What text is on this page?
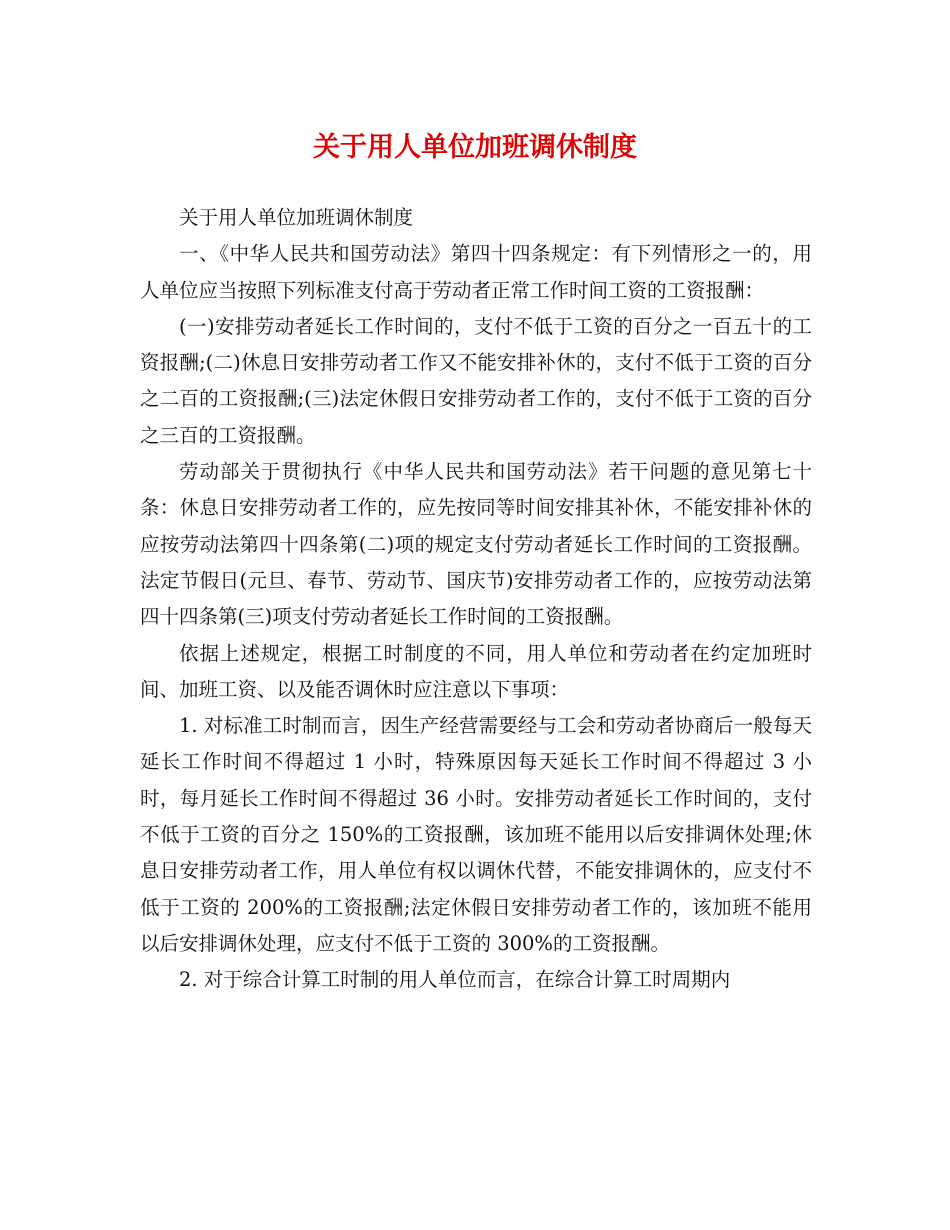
关于用人单位加班调休制度

关于用人单位加班调休制度

一、《中华人民共和国劳动法》第四十四条规定：有下列情形之一的，用人单位应当按照下列标准支付高于劳动者正常工作时间工资的工资报酬：

(一)安排劳动者延长工作时间的，支付不低于工资的百分之一百五十的工资报酬;(二)休息日安排劳动者工作又不能安排补休的，支付不低于工资的百分之二百的工资报酬;(三)法定休假日安排劳动者工作的，支付不低于工资的百分之三百的工资报酬。

劳动部关于贯彻执行《中华人民共和国劳动法》若干问题的意见第七十条：休息日安排劳动者工作的，应先按同等时间安排其补休，不能安排补休的应按劳动法第四十四条第(二)项的规定支付劳动者延长工作时间的工资报酬。法定节假日(元旦、春节、劳动节、国庆节)安排劳动者工作的，应按劳动法第四十四条第(三)项支付劳动者延长工作时间的工资报酬。

依据上述规定，根据工时制度的不同，用人单位和劳动者在约定加班时间、加班工资、以及能否调休时应注意以下事项：

1. 对标准工时制而言，因生产经营需要经与工会和劳动者协商后一般每天延长工作时间不得超过 1 小时，特殊原因每天延长工作时间不得超过 3 小时，每月延长工作时间不得超过 36 小时。安排劳动者延长工作时间的，支付不低于工资的百分之 150%的工资报酬，该加班不能用以后安排调休处理;休息日安排劳动者工作，用人单位有权以调休代替，不能安排调休的，应支付不低于工资的 200%的工资报酬;法定休假日安排劳动者工作的，该加班不能用以后安排调休处理，应支付不低于工资的 300%的工资报酬。

2. 对于综合计算工时制的用人单位而言，在综合计算工时周期内
